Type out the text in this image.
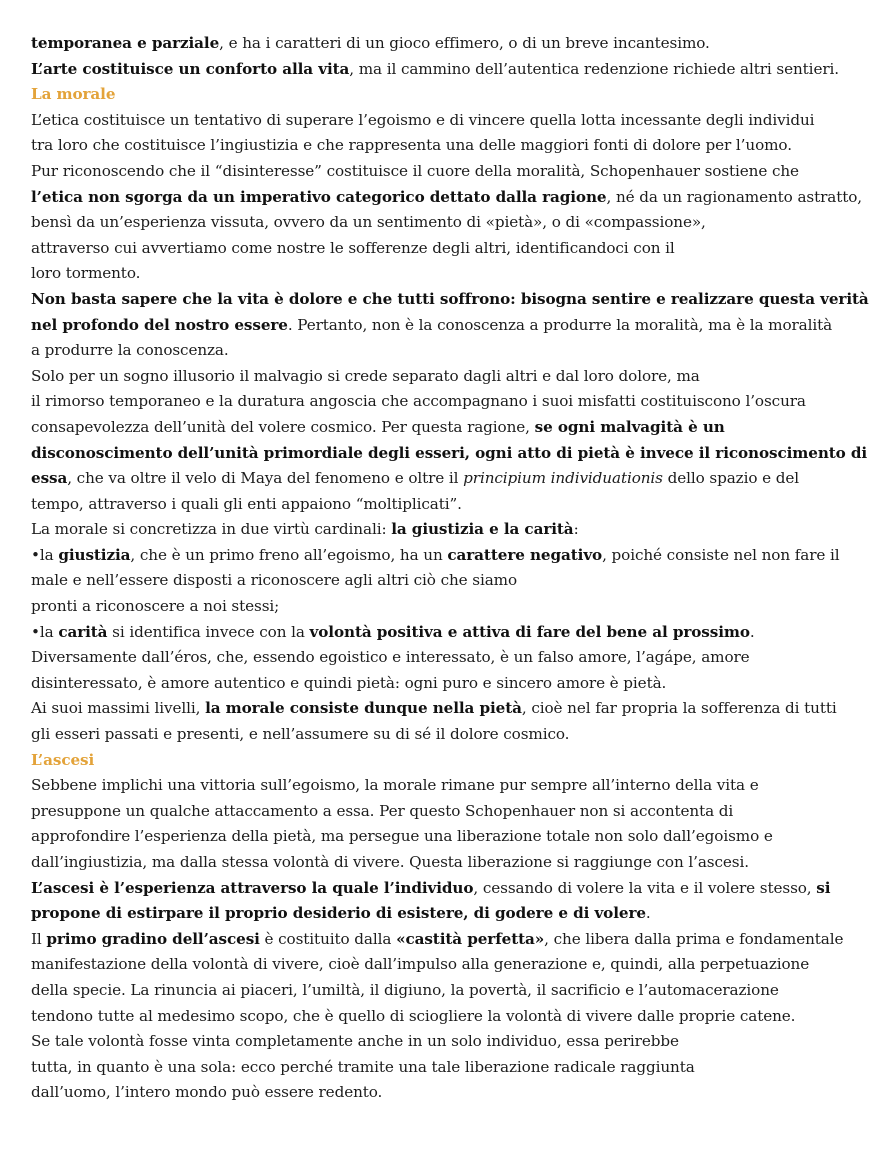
temporanea e parziale, e ha i caratteri di un gioco effimero, o di un breve incantesimo.
L’arte costituisce un conforto alla vita, ma il cammino dell’autentica redenzione richiede altri sentieri.
La morale
L’etica costituisce un tentativo di superare l’egoismo e di vincere quella lotta incessante degli individui
tra loro che costituisce l’ingiustizia e che rappresenta una delle maggiori fonti di dolore per l’uomo.
Pur riconoscendo che il “disinteresse” costituisce il cuore della moralità, Schopenhauer sostiene che
l’etica non sgorga da un imperativo categorico dettato dalla ragione, né da un ragionamento astratto,
bensì da un’esperienza vissuta, ovvero da un sentimento di «pietà», o di «compassione»,
attraverso cui avvertiamo come nostre le sofferenze degli altri, identificandoci con il
loro tormento.
Non basta sapere che la vita è dolore e che tutti soffrono: bisogna sentire e realizzare questa verità
nel profondo del nostro essere. Pertanto, non è la conoscenza a produrre la moralità, ma è la moralità
a produrre la conoscenza.
Solo per un sogno illusorio il malvagio si crede separato dagli altri e dal loro dolore, ma
il rimorso temporaneo e la duratura angoscia che accompagnano i suoi misfatti costituiscono l’oscura
consapevolezza dell’unità del volere cosmico. Per questa ragione, se ogni malvagità è un
disconoscimento dell’unità primordiale degli esseri, ogni atto di pietà è invece il riconoscimento di
essa, che va oltre il velo di Maya del fenomeno e oltre il principium individuationis dello spazio e del
tempo, attraverso i quali gli enti appaiono “moltiplicati”.
La morale si concretizza in due virtù cardinali: la giustizia e la carità:
•la giustizia, che è un primo freno all’egoismo, ha un carattere negativo, poiché consiste nel non fare il
male e nell’essere disposti a riconoscere agli altri ciò che siamo
pronti a riconoscere a noi stessi;
•la carità si identifica invece con la volontà positiva e attiva di fare del bene al prossimo.
Diversamente dall’éros, che, essendo egoistico e interessato, è un falso amore, l’agápe, amore
disinteressato, è amore autentico e quindi pietà: ogni puro e sincero amore è pietà.
Ai suoi massimi livelli, la morale consiste dunque nella pietà, cioè nel far propria la sofferenza di tutti
gli esseri passati e presenti, e nell’assumere su di sé il dolore cosmico.
L’ascesi
Sebbene implichi una vittoria sull’egoismo, la morale rimane pur sempre all’interno della vita e
presuppone un qualche attaccamento a essa. Per questo Schopenhauer non si accontenta di
approfondire l’esperienza della pietà, ma persegue una liberazione totale non solo dall’egoismo e
dall’ingiustizia, ma dalla stessa volontà di vivere. Questa liberazione si raggiunge con l’ascesi.
L’ascesi è l’esperienza attraverso la quale l’individuo, cessando di volere la vita e il volere stesso, si
propone di estirpare il proprio desiderio di esistere, di godere e di volere.
Il primo gradino dell’ascesi è costituito dalla «castità perfetta», che libera dalla prima e fondamentale
manifestazione della volontà di vivere, cioè dall’impulso alla generazione e, quindi, alla perpetuazione
della specie. La rinuncia ai piaceri, l’umiltà, il digiuno, la povertà, il sacrificio e l’automacerazione
tendono tutte al medesimo scopo, che è quello di sciogliere la volontà di vivere dalle proprie catene.
Se tale volontà fosse vinta completamente anche in un solo individuo, essa perirebbe
tutta, in quanto è una sola: ecco perché tramite una tale liberazione radicale raggiunta
dall’uomo, l’intero mondo può essere redento.
